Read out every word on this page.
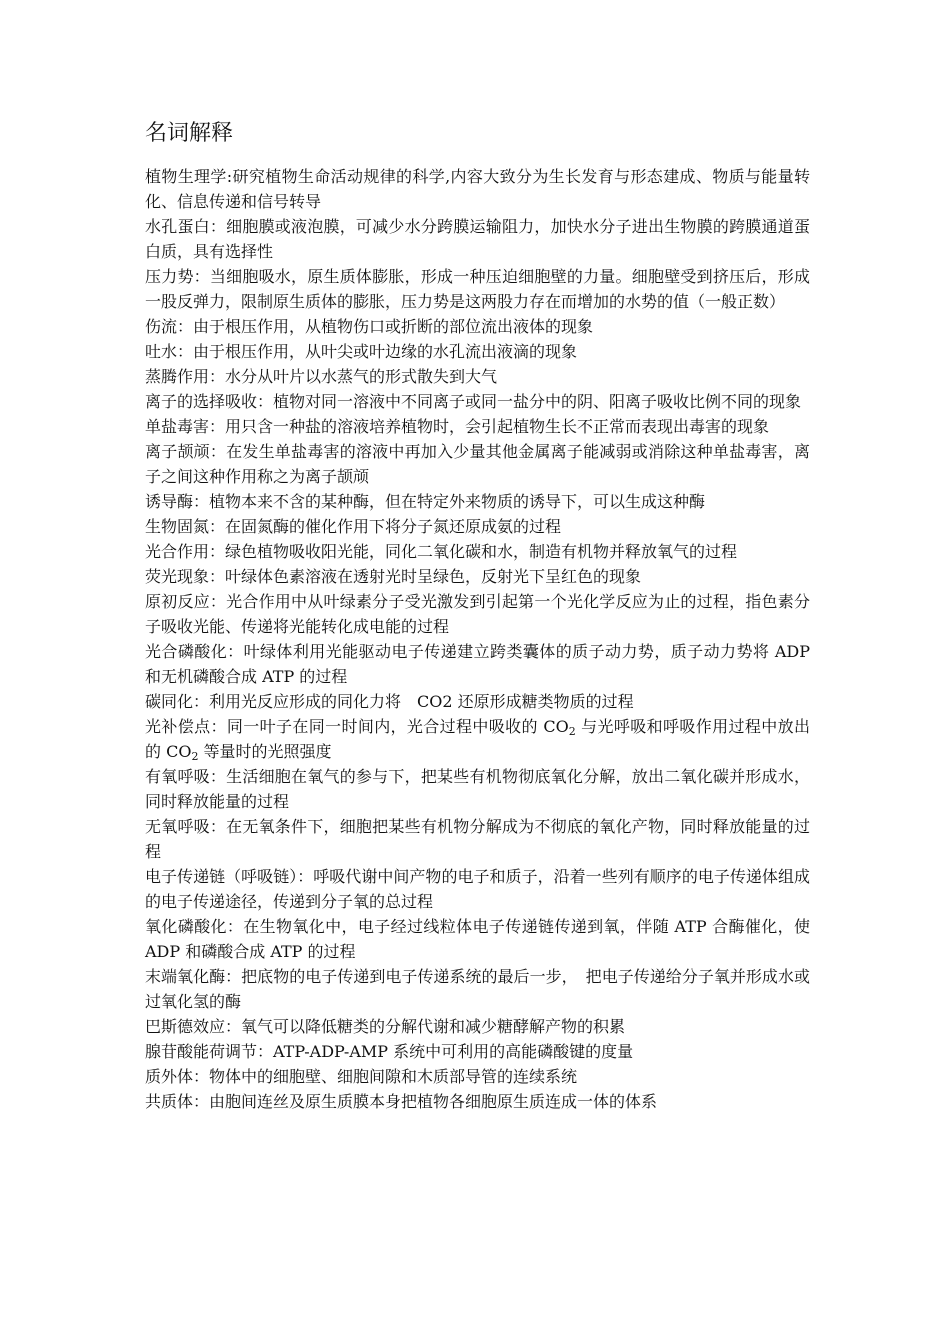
名词解释

植物生理学:研究植物生命活动规律的科学,内容大致分为生长发育与形态建成、物质与能量转化、信息传递和信号转导

水孔蛋白：细胞膜或液泡膜，可减少水分跨膜运输阻力，加快水分子进出生物膜的跨膜通道蛋白质，具有选择性

压力势：当细胞吸水，原生质体膨胀，形成一种压迫细胞壁的力量。细胞壁受到挤压后，形成一股反弹力，限制原生质体的膨胀，压力势是这两股力存在而增加的水势的值（一般正数）

伤流：由于根压作用，从植物伤口或折断的部位流出液体的现象

吐水：由于根压作用，从叶尖或叶边缘的水孔流出液滴的现象

蒸腾作用：水分从叶片以水蒸气的形式散失到大气

离子的选择吸收：植物对同一溶液中不同离子或同一盐分中的阴、阳离子吸收比例不同的现象

单盐毒害：用只含一种盐的溶液培养植物时，会引起植物生长不正常而表现出毒害的现象

离子颉颃：在发生单盐毒害的溶液中再加入少量其他金属离子能减弱或消除这种单盐毒害，离子之间这种作用称之为离子颉颃

诱导酶：植物本来不含的某种酶，但在特定外来物质的诱导下，可以生成这种酶

生物固氮：在固氮酶的催化作用下将分子氮还原成氨的过程

光合作用：绿色植物吸收阳光能，同化二氧化碳和水，制造有机物并释放氧气的过程

荧光现象：叶绿体色素溶液在透射光时呈绿色，反射光下呈红色的现象

原初反应：光合作用中从叶绿素分子受光激发到引起第一个光化学反应为止的过程，指色素分子吸收光能、传递将光能转化成电能的过程

光合磷酸化：叶绿体利用光能驱动电子传递建立跨类囊体的质子动力势，质子动力势将 ADP 和无机磷酸合成 ATP 的过程

碳同化：利用光反应形成的同化力将　CO2 还原形成糖类物质的过程

光补偿点：同一叶子在同一时间内，光合过程中吸收的 $CO_2$ 与光呼吸和呼吸作用过程中放出的 $CO_2$ 等量时的光照强度

有氧呼吸：生活细胞在氧气的参与下，把某些有机物彻底氧化分解，放出二氧化碳并形成水，同时释放能量的过程

无氧呼吸：在无氧条件下，细胞把某些有机物分解成为不彻底的氧化产物，同时释放能量的过程

电子传递链（呼吸链）：呼吸代谢中间产物的电子和质子，沿着一些列有顺序的电子传递体组成的电子传递途径，传递到分子氧的总过程

氧化磷酸化：在生物氧化中，电子经过线粒体电子传递链传递到氧，伴随 ATP 合酶催化，使 ADP 和磷酸合成 ATP 的过程

末端氧化酶：把底物的电子传递到电子传递系统的最后一步，　把电子传递给分子氧并形成水或过氧化氢的酶

巴斯德效应：氧气可以降低糖类的分解代谢和减少糖酵解产物的积累

腺苷酸能荷调节：ATP-ADP-AMP 系统中可利用的高能磷酸键的度量

质外体：物体中的细胞壁、细胞间隙和木质部导管的连续系统

共质体：由胞间连丝及原生质膜本身把植物各细胞原生质连成一体的体系
